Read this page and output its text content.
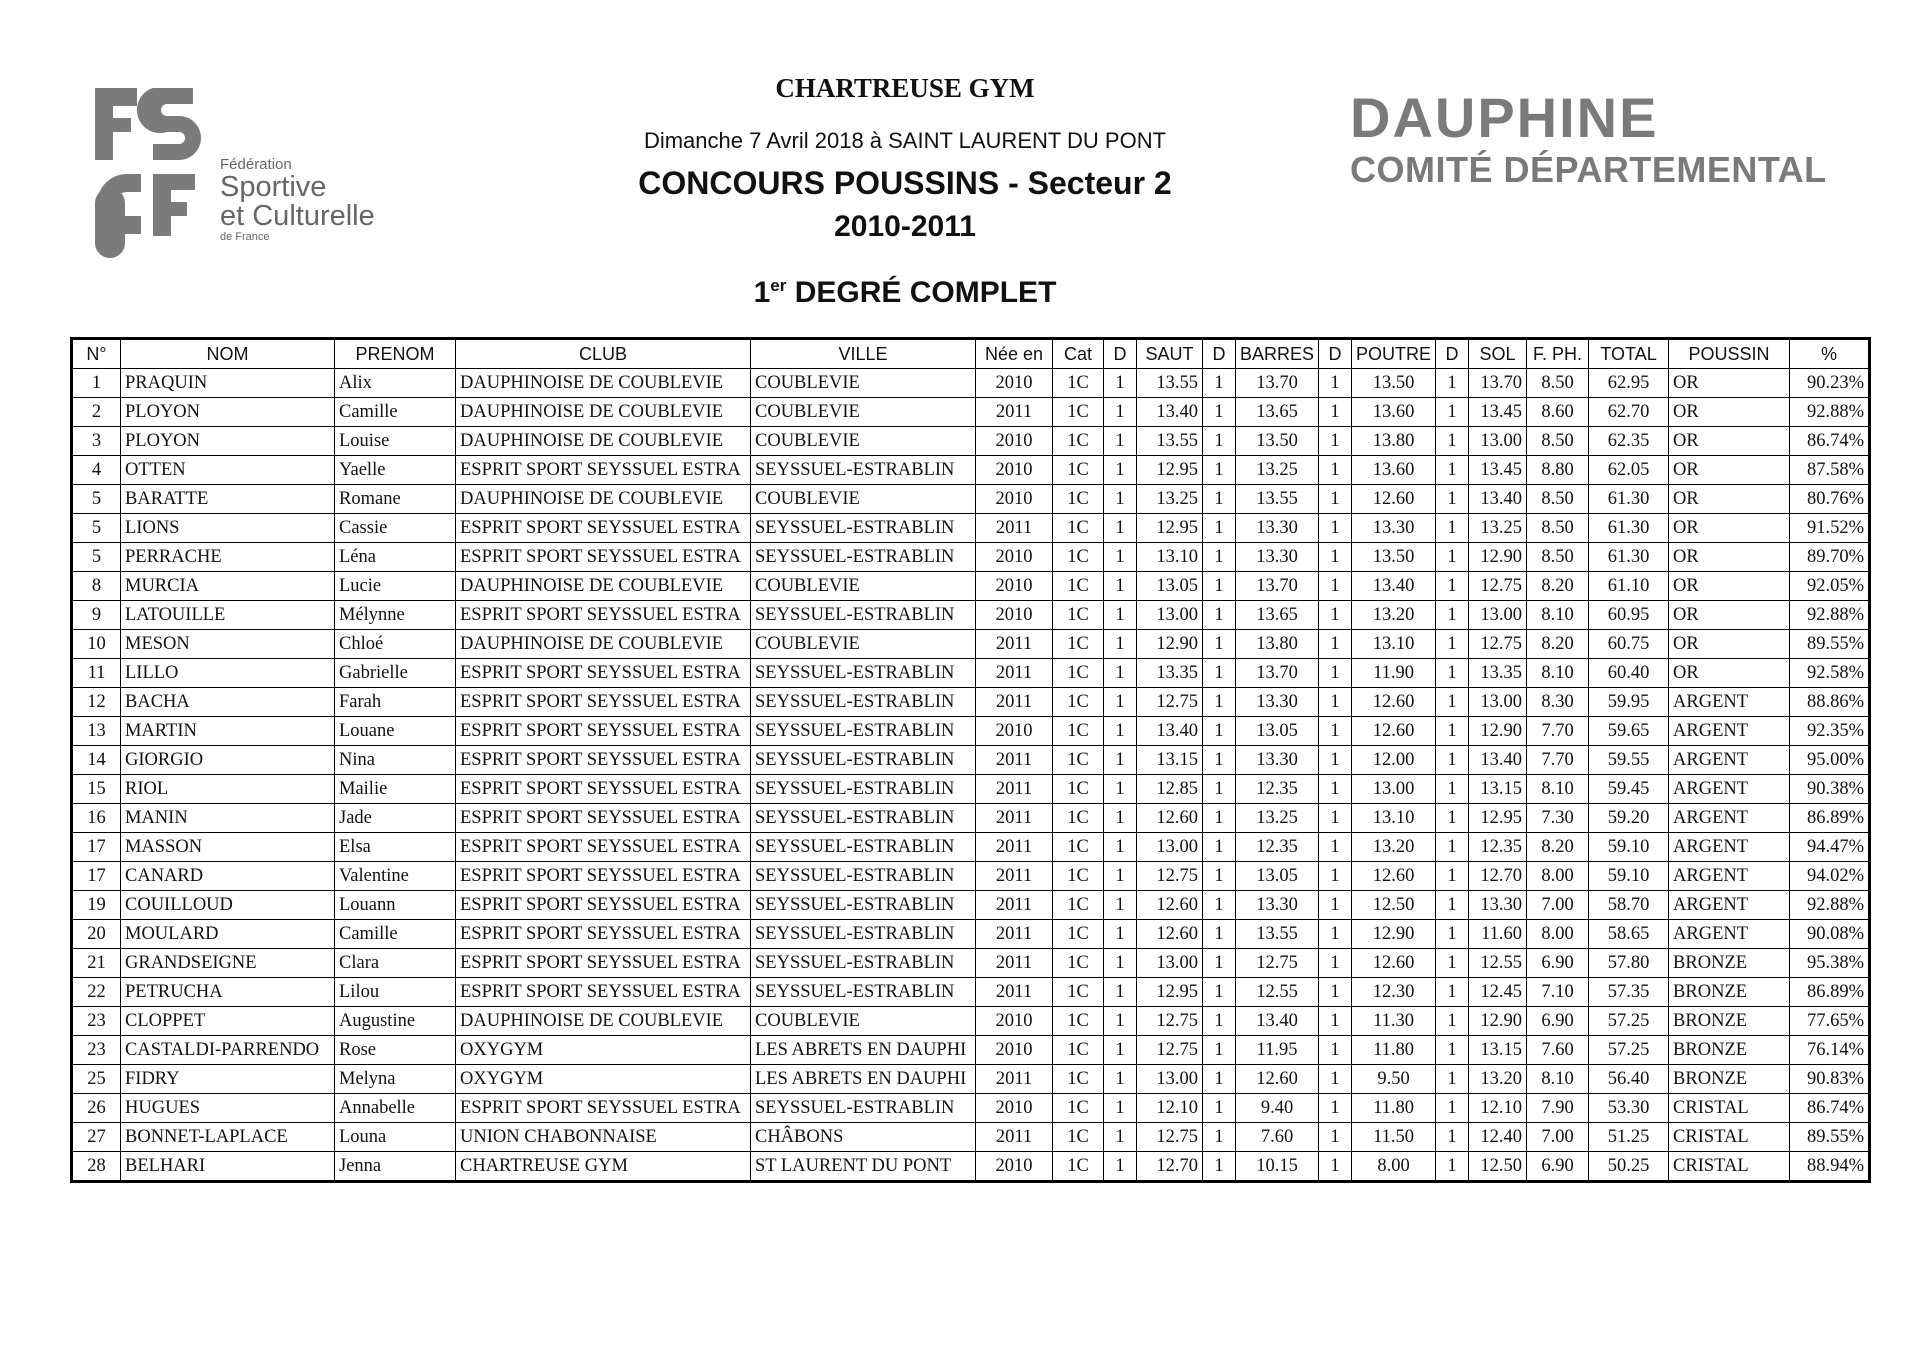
Fédération
Sportive
et Culturelle
de France
DAUPHINE
COMITÉ DÉPARTEMENTAL
CHARTREUSE GYM
Dimanche 7 Avril 2018 à SAINT LAURENT DU PONT
CONCOURS POUSSINS - Secteur 2
2010-2011
1er DEGRÉ COMPLET
N°	NOM	PRENOM	CLUB	VILLE	Née en	Cat	D	SAUT	D	BARRES	D	POUTRE	D	SOL	F. PH.	TOTAL	POUSSIN	%
1	PRAQUIN	Alix	DAUPHINOISE DE COUBLEVIE	COUBLEVIE	2010	1C	1	13.55	1	13.70	1	13.50	1	13.70	8.50	62.95	OR	90.23%
2	PLOYON	Camille	DAUPHINOISE DE COUBLEVIE	COUBLEVIE	2011	1C	1	13.40	1	13.65	1	13.60	1	13.45	8.60	62.70	OR	92.88%
3	PLOYON	Louise	DAUPHINOISE DE COUBLEVIE	COUBLEVIE	2010	1C	1	13.55	1	13.50	1	13.80	1	13.00	8.50	62.35	OR	86.74%
4	OTTEN	Yaelle	ESPRIT SPORT SEYSSUEL ESTRA	SEYSSUEL-ESTRABLIN	2010	1C	1	12.95	1	13.25	1	13.60	1	13.45	8.80	62.05	OR	87.58%
5	BARATTE	Romane	DAUPHINOISE DE COUBLEVIE	COUBLEVIE	2010	1C	1	13.25	1	13.55	1	12.60	1	13.40	8.50	61.30	OR	80.76%
5	LIONS	Cassie	ESPRIT SPORT SEYSSUEL ESTRA	SEYSSUEL-ESTRABLIN	2011	1C	1	12.95	1	13.30	1	13.30	1	13.25	8.50	61.30	OR	91.52%
5	PERRACHE	Léna	ESPRIT SPORT SEYSSUEL ESTRA	SEYSSUEL-ESTRABLIN	2010	1C	1	13.10	1	13.30	1	13.50	1	12.90	8.50	61.30	OR	89.70%
8	MURCIA	Lucie	DAUPHINOISE DE COUBLEVIE	COUBLEVIE	2010	1C	1	13.05	1	13.70	1	13.40	1	12.75	8.20	61.10	OR	92.05%
9	LATOUILLE	Mélynne	ESPRIT SPORT SEYSSUEL ESTRA	SEYSSUEL-ESTRABLIN	2010	1C	1	13.00	1	13.65	1	13.20	1	13.00	8.10	60.95	OR	92.88%
10	MESON	Chloé	DAUPHINOISE DE COUBLEVIE	COUBLEVIE	2011	1C	1	12.90	1	13.80	1	13.10	1	12.75	8.20	60.75	OR	89.55%
11	LILLO	Gabrielle	ESPRIT SPORT SEYSSUEL ESTRA	SEYSSUEL-ESTRABLIN	2011	1C	1	13.35	1	13.70	1	11.90	1	13.35	8.10	60.40	OR	92.58%
12	BACHA	Farah	ESPRIT SPORT SEYSSUEL ESTRA	SEYSSUEL-ESTRABLIN	2011	1C	1	12.75	1	13.30	1	12.60	1	13.00	8.30	59.95	ARGENT	88.86%
13	MARTIN	Louane	ESPRIT SPORT SEYSSUEL ESTRA	SEYSSUEL-ESTRABLIN	2010	1C	1	13.40	1	13.05	1	12.60	1	12.90	7.70	59.65	ARGENT	92.35%
14	GIORGIO	Nina	ESPRIT SPORT SEYSSUEL ESTRA	SEYSSUEL-ESTRABLIN	2011	1C	1	13.15	1	13.30	1	12.00	1	13.40	7.70	59.55	ARGENT	95.00%
15	RIOL	Mailie	ESPRIT SPORT SEYSSUEL ESTRA	SEYSSUEL-ESTRABLIN	2011	1C	1	12.85	1	12.35	1	13.00	1	13.15	8.10	59.45	ARGENT	90.38%
16	MANIN	Jade	ESPRIT SPORT SEYSSUEL ESTRA	SEYSSUEL-ESTRABLIN	2011	1C	1	12.60	1	13.25	1	13.10	1	12.95	7.30	59.20	ARGENT	86.89%
17	MASSON	Elsa	ESPRIT SPORT SEYSSUEL ESTRA	SEYSSUEL-ESTRABLIN	2011	1C	1	13.00	1	12.35	1	13.20	1	12.35	8.20	59.10	ARGENT	94.47%
17	CANARD	Valentine	ESPRIT SPORT SEYSSUEL ESTRA	SEYSSUEL-ESTRABLIN	2011	1C	1	12.75	1	13.05	1	12.60	1	12.70	8.00	59.10	ARGENT	94.02%
19	COUILLOUD	Louann	ESPRIT SPORT SEYSSUEL ESTRA	SEYSSUEL-ESTRABLIN	2011	1C	1	12.60	1	13.30	1	12.50	1	13.30	7.00	58.70	ARGENT	92.88%
20	MOULARD	Camille	ESPRIT SPORT SEYSSUEL ESTRA	SEYSSUEL-ESTRABLIN	2011	1C	1	12.60	1	13.55	1	12.90	1	11.60	8.00	58.65	ARGENT	90.08%
21	GRANDSEIGNE	Clara	ESPRIT SPORT SEYSSUEL ESTRA	SEYSSUEL-ESTRABLIN	2011	1C	1	13.00	1	12.75	1	12.60	1	12.55	6.90	57.80	BRONZE	95.38%
22	PETRUCHA	Lilou	ESPRIT SPORT SEYSSUEL ESTRA	SEYSSUEL-ESTRABLIN	2011	1C	1	12.95	1	12.55	1	12.30	1	12.45	7.10	57.35	BRONZE	86.89%
23	CLOPPET	Augustine	DAUPHINOISE DE COUBLEVIE	COUBLEVIE	2010	1C	1	12.75	1	13.40	1	11.30	1	12.90	6.90	57.25	BRONZE	77.65%
23	CASTALDI-PARRENDO	Rose	OXYGYM	LES ABRETS EN DAUPHI	2010	1C	1	12.75	1	11.95	1	11.80	1	13.15	7.60	57.25	BRONZE	76.14%
25	FIDRY	Melyna	OXYGYM	LES ABRETS EN DAUPHI	2011	1C	1	13.00	1	12.60	1	9.50	1	13.20	8.10	56.40	BRONZE	90.83%
26	HUGUES	Annabelle	ESPRIT SPORT SEYSSUEL ESTRA	SEYSSUEL-ESTRABLIN	2010	1C	1	12.10	1	9.40	1	11.80	1	12.10	7.90	53.30	CRISTAL	86.74%
27	BONNET-LAPLACE	Louna	UNION CHABONNAISE	CHÂBONS	2011	1C	1	12.75	1	7.60	1	11.50	1	12.40	7.00	51.25	CRISTAL	89.55%
28	BELHARI	Jenna	CHARTREUSE GYM	ST LAURENT DU PONT	2010	1C	1	12.70	1	10.15	1	8.00	1	12.50	6.90	50.25	CRISTAL	88.94%
